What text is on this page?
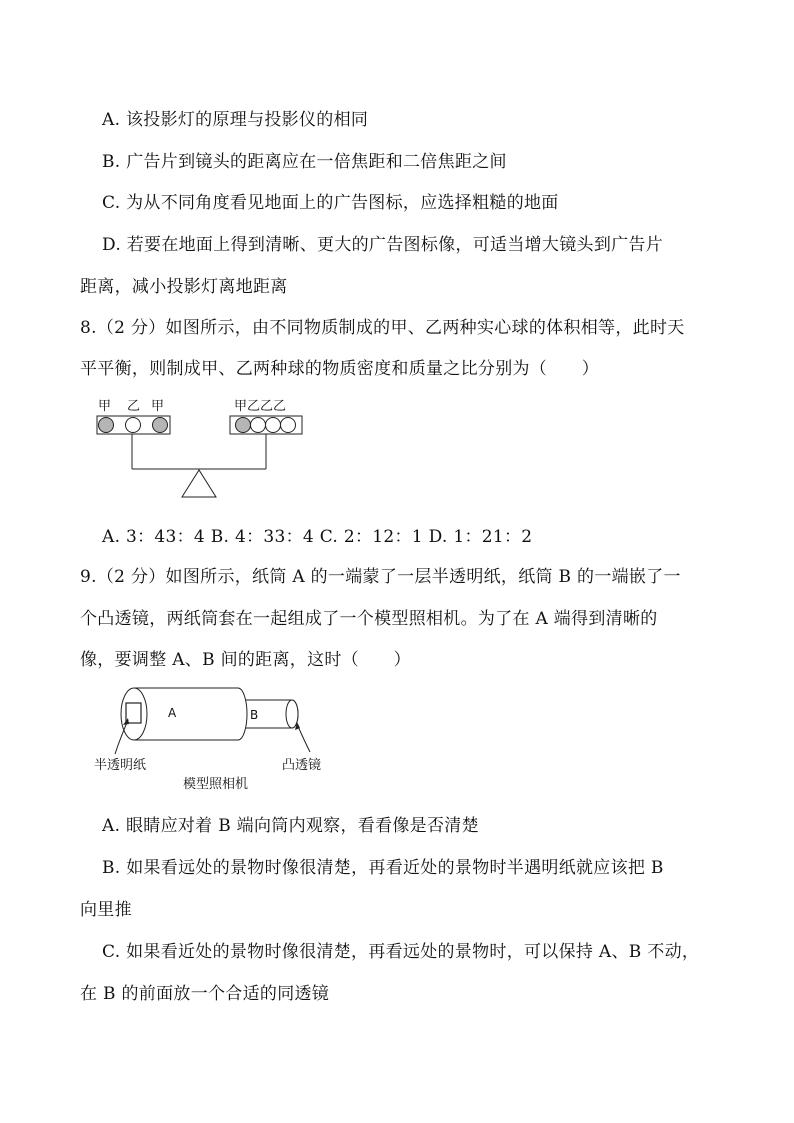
A. 该投影灯的原理与投影仪的相同
B. 广告片到镜头的距离应在一倍焦距和二倍焦距之间
C. 为从不同角度看见地面上的广告图标，应选择粗糙的地面
D. 若要在地面上得到清晰、更大的广告图标像，可适当增大镜头到广告片
距离，减小投影灯离地距离
8.（2 分）如图所示，由不同物质制成的甲、乙两种实心球的体积相等，此时天
平平衡，则制成甲、乙两种球的物质密度和质量之比分别为（　　）
甲 乙 甲	甲乙乙乙
A. 3：43：4 B. 4：33：4 C. 2：12：1 D. 1：21：2
9.（2 分）如图所示，纸筒 A 的一端蒙了一层半透明纸，纸筒 B 的一端嵌了一
个凸透镜，两纸筒套在一起组成了一个模型照相机。为了在 A 端得到清晰的
像，要调整 A、B 间的距离，这时（　　）
A	B
半透明纸	凸透镜
模型照相机
A. 眼睛应对着 B 端向筒内观察，看看像是否清楚
B. 如果看远处的景物时像很清楚，再看近处的景物时半遇明纸就应该把 B
向里推
C. 如果看近处的景物时像很清楚，再看远处的景物时，可以保持 A、B 不动，
在 B 的前面放一个合适的同透镜
